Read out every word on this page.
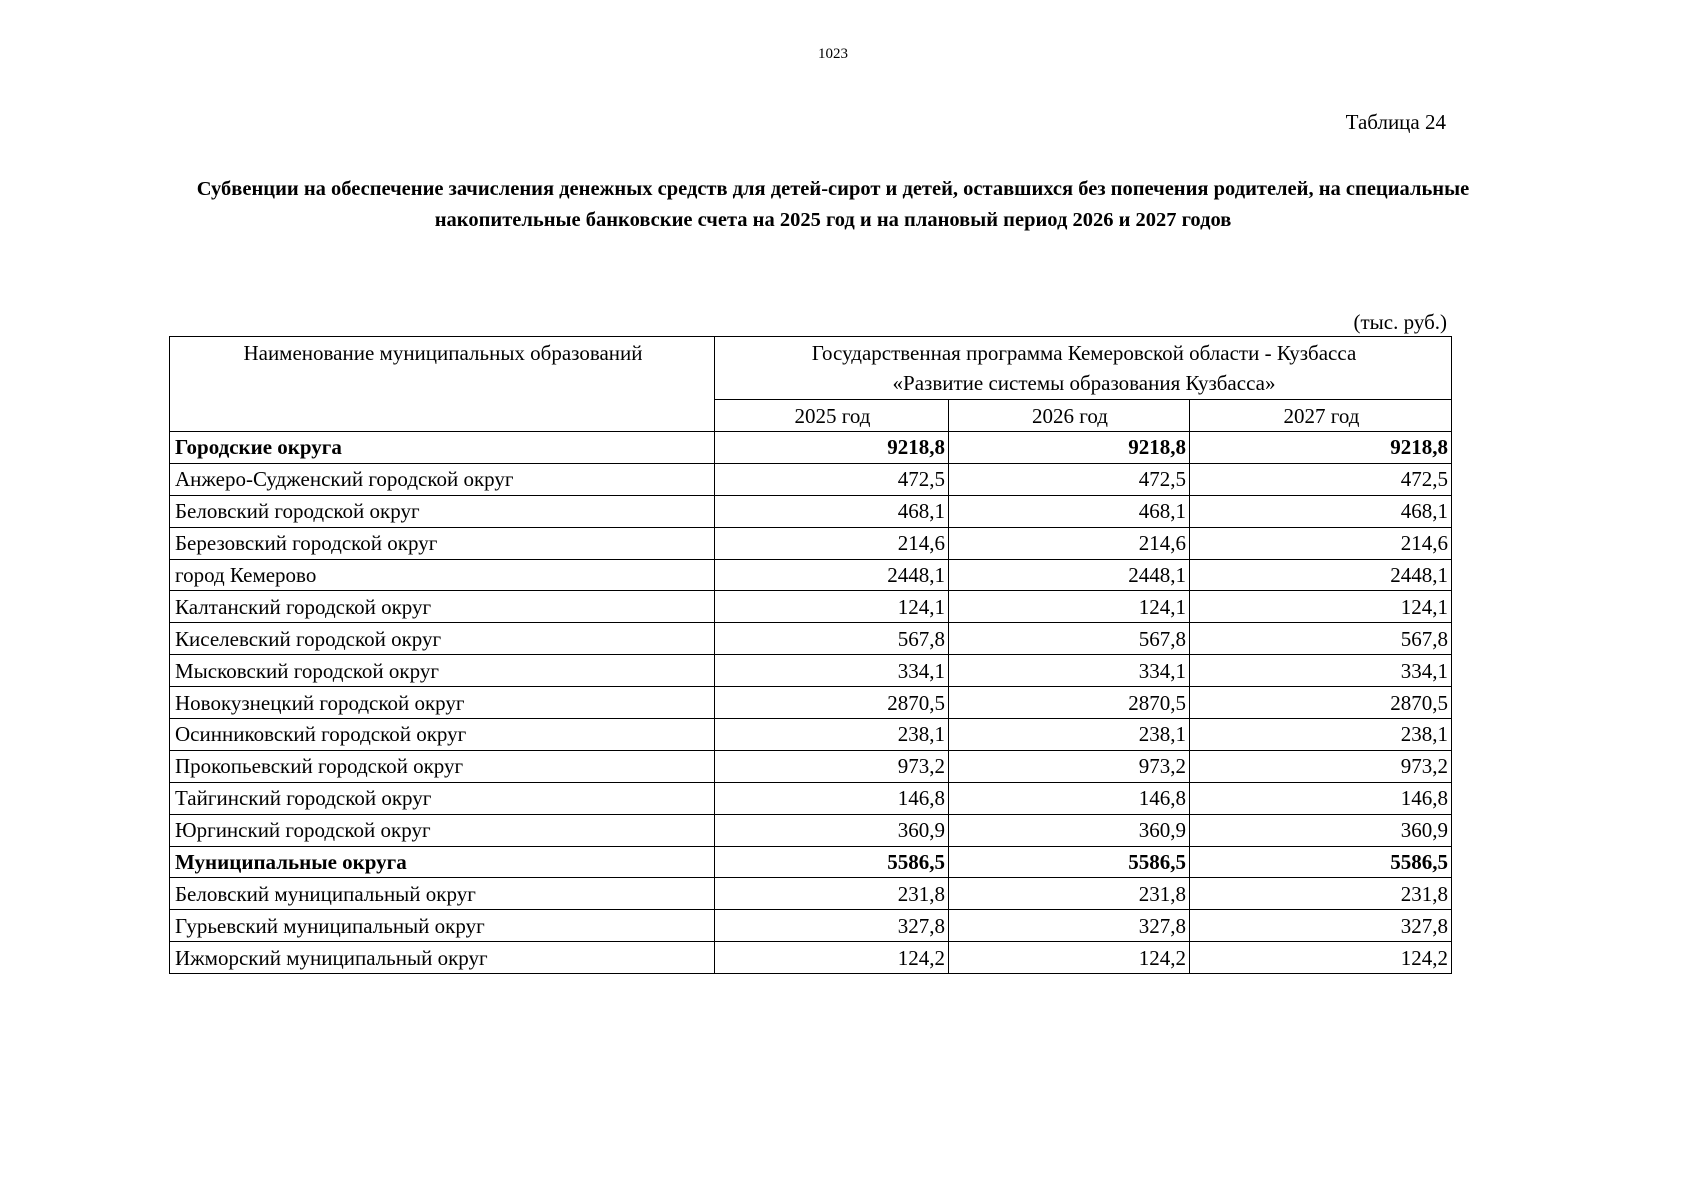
1023
Таблица 24
Субвенции на обеспечение зачисления денежных средств для детей-сирот и детей, оставшихся без попечения родителей, на специальные накопительные банковские счета на 2025 год и на плановый период 2026 и 2027 годов
(тыс. руб.)
Наименование муниципальных образований	Государственная программа Кемеровской области - Кузбасса
«Развитие системы образования Кузбасса»		

	2025 год	2026 год	2027 год
Городские округа	9218,8	9218,8	9218,8
Анжеро-Судженский городской округ	472,5	472,5	472,5
Беловский городской округ	468,1	468,1	468,1
Березовский городской округ	214,6	214,6	214,6
город Кемерово	2448,1	2448,1	2448,1
Калтанский городской округ	124,1	124,1	124,1
Киселевский городской округ	567,8	567,8	567,8
Мысковский городской округ	334,1	334,1	334,1
Новокузнецкий городской округ	2870,5	2870,5	2870,5
Осинниковский городской округ	238,1	238,1	238,1
Прокопьевский городской округ	973,2	973,2	973,2
Тайгинский городской округ	146,8	146,8	146,8
Юргинский городской округ	360,9	360,9	360,9
Муниципальные округа	5586,5	5586,5	5586,5
Беловский муниципальный округ	231,8	231,8	231,8
Гурьевский муниципальный округ	327,8	327,8	327,8
Ижморский муниципальный округ	124,2	124,2	124,2
